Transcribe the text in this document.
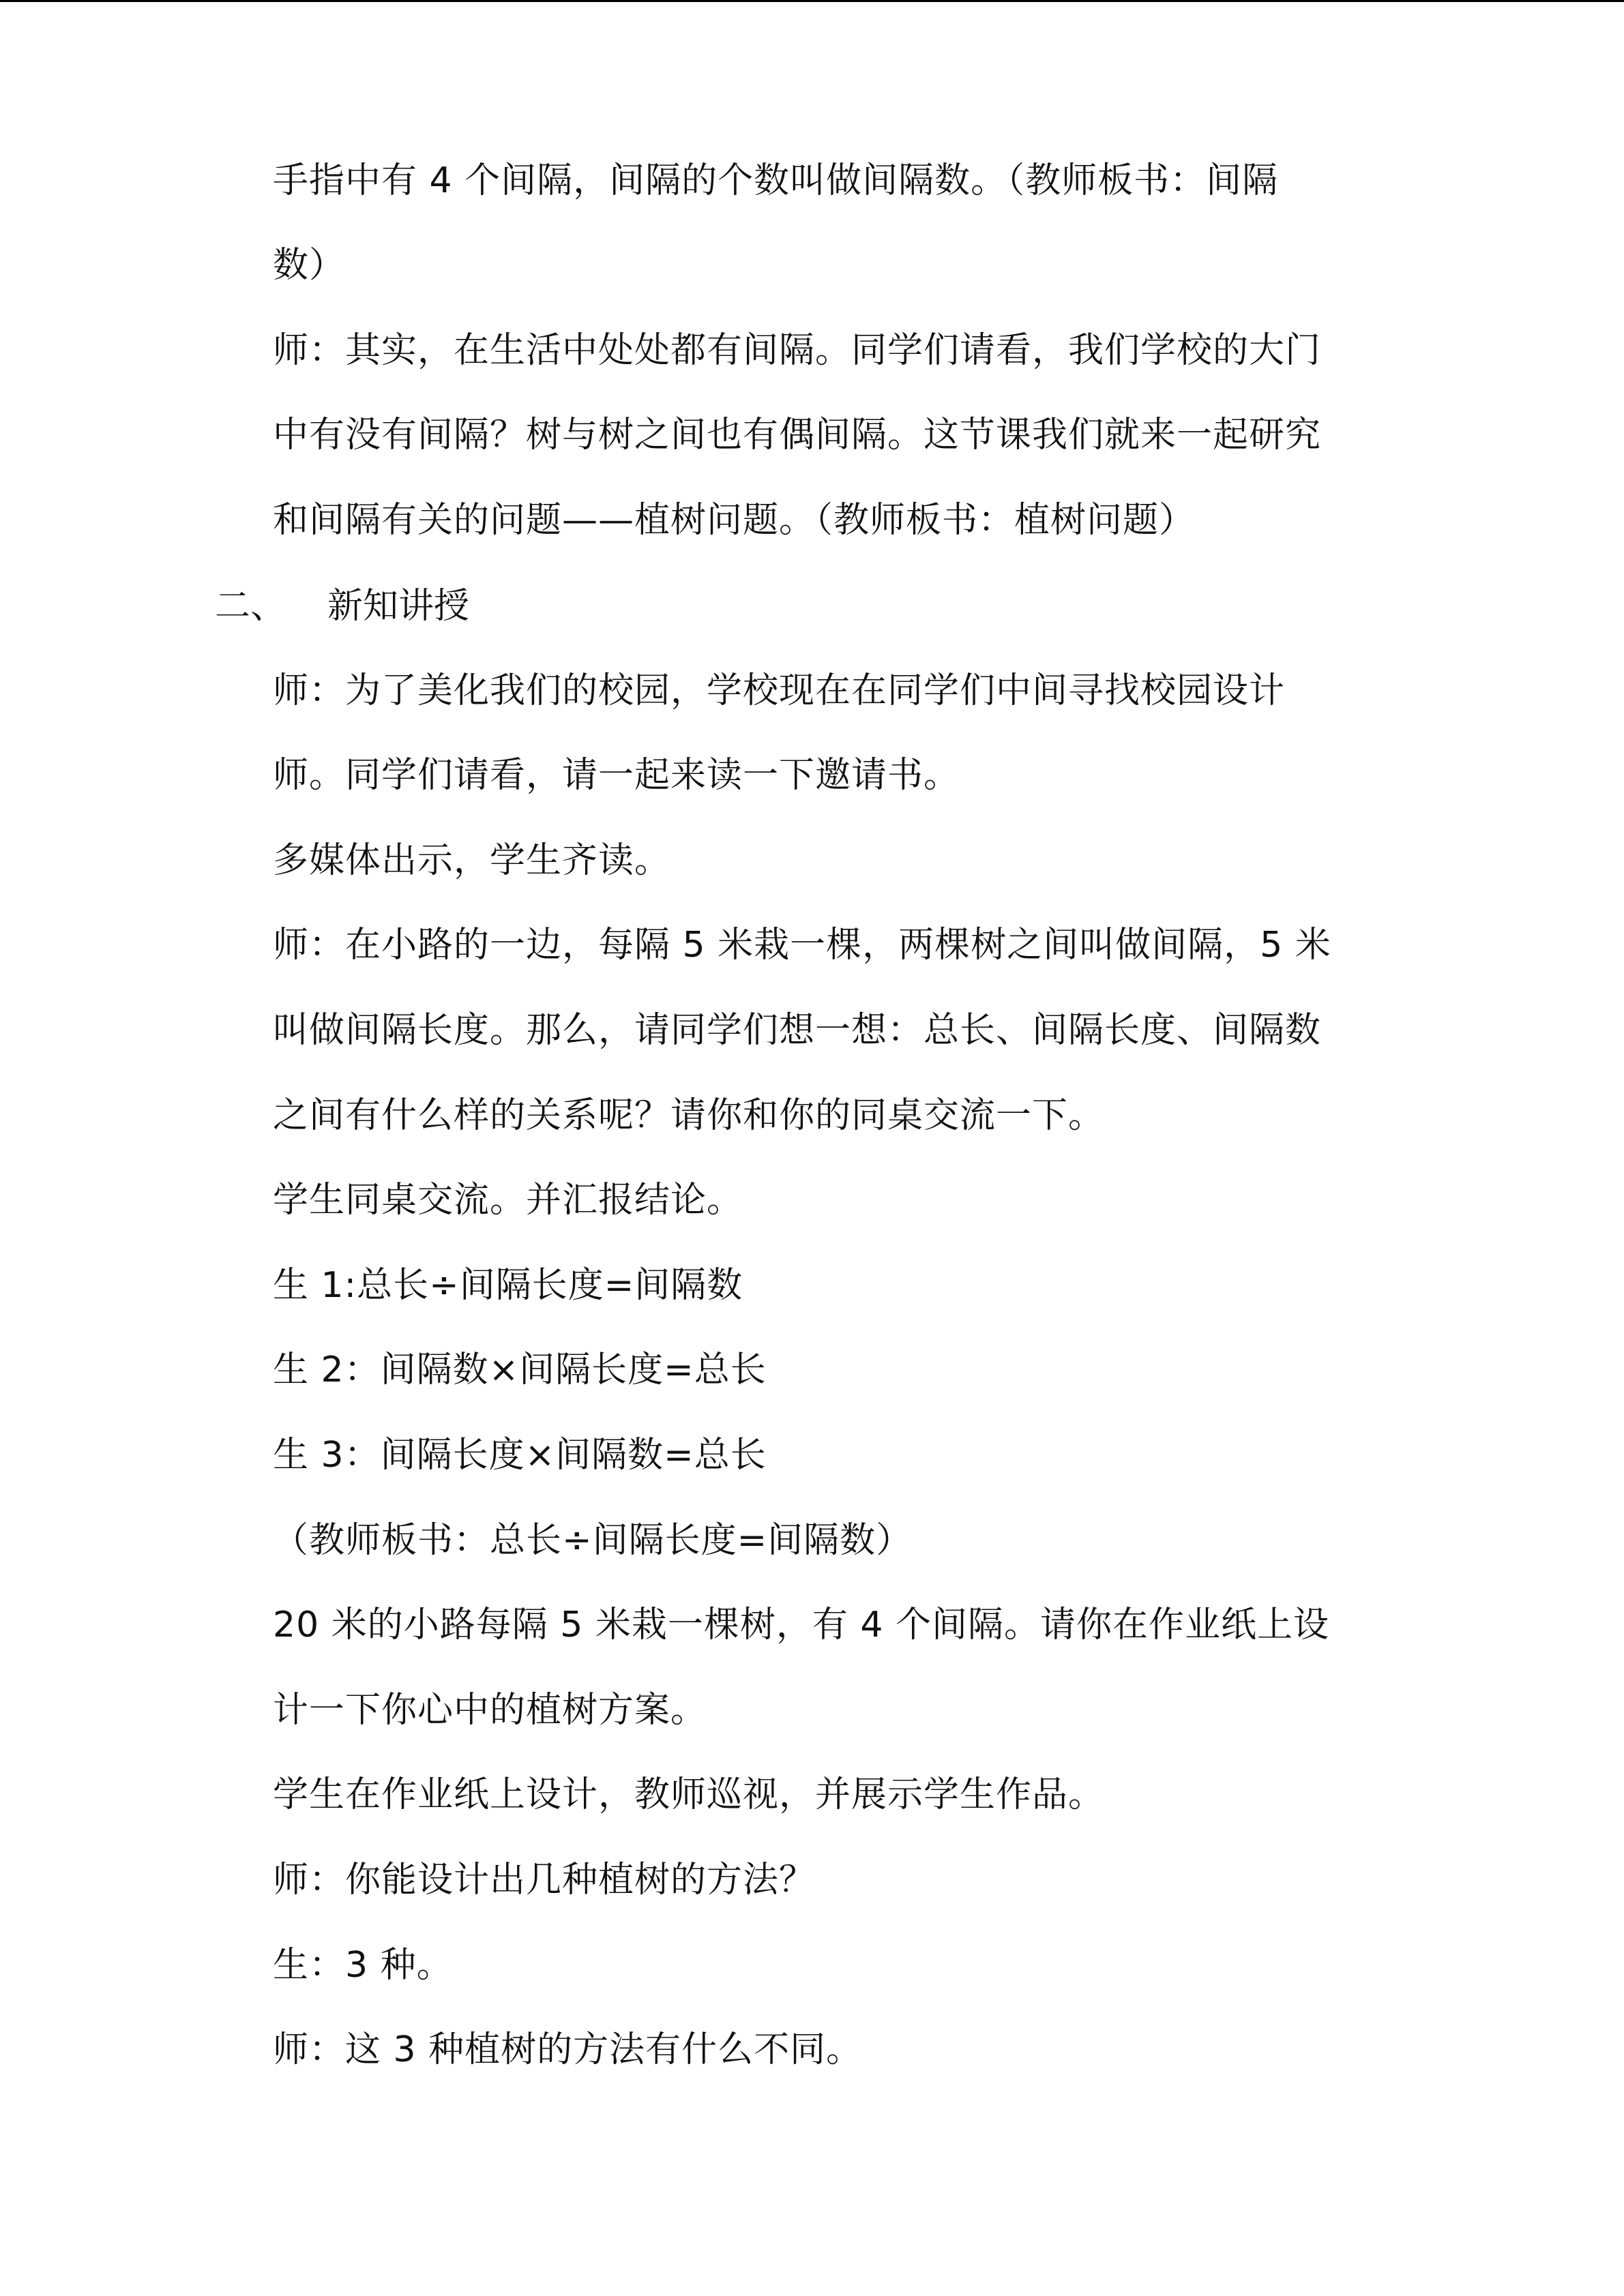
手指中有 4 个间隔，间隔的个数叫做间隔数。（教师板书：间隔
数）
师：其实，在生活中处处都有间隔。同学们请看，我们学校的大门
中有没有间隔？树与树之间也有偶间隔。这节课我们就来一起研究
和间隔有关的问题——植树问题。（教师板书：植树问题）
二、 新知讲授
师：为了美化我们的校园，学校现在在同学们中间寻找校园设计
师。同学们请看，请一起来读一下邀请书。
多媒体出示，学生齐读。
师：在小路的一边，每隔 5 米栽一棵，两棵树之间叫做间隔，5 米
叫做间隔长度。那么，请同学们想一想：总长、间隔长度、间隔数
之间有什么样的关系呢？请你和你的同桌交流一下。
学生同桌交流。并汇报结论。
生 1:总长÷间隔长度=间隔数
生 2：间隔数×间隔长度=总长
生 3：间隔长度×间隔数=总长
（教师板书：总长÷间隔长度=间隔数）
20 米的小路每隔 5 米栽一棵树，有 4 个间隔。请你在作业纸上设
计一下你心中的植树方案。
学生在作业纸上设计，教师巡视，并展示学生作品。
师：你能设计出几种植树的方法？
生：3 种。
师：这 3 种植树的方法有什么不同。
